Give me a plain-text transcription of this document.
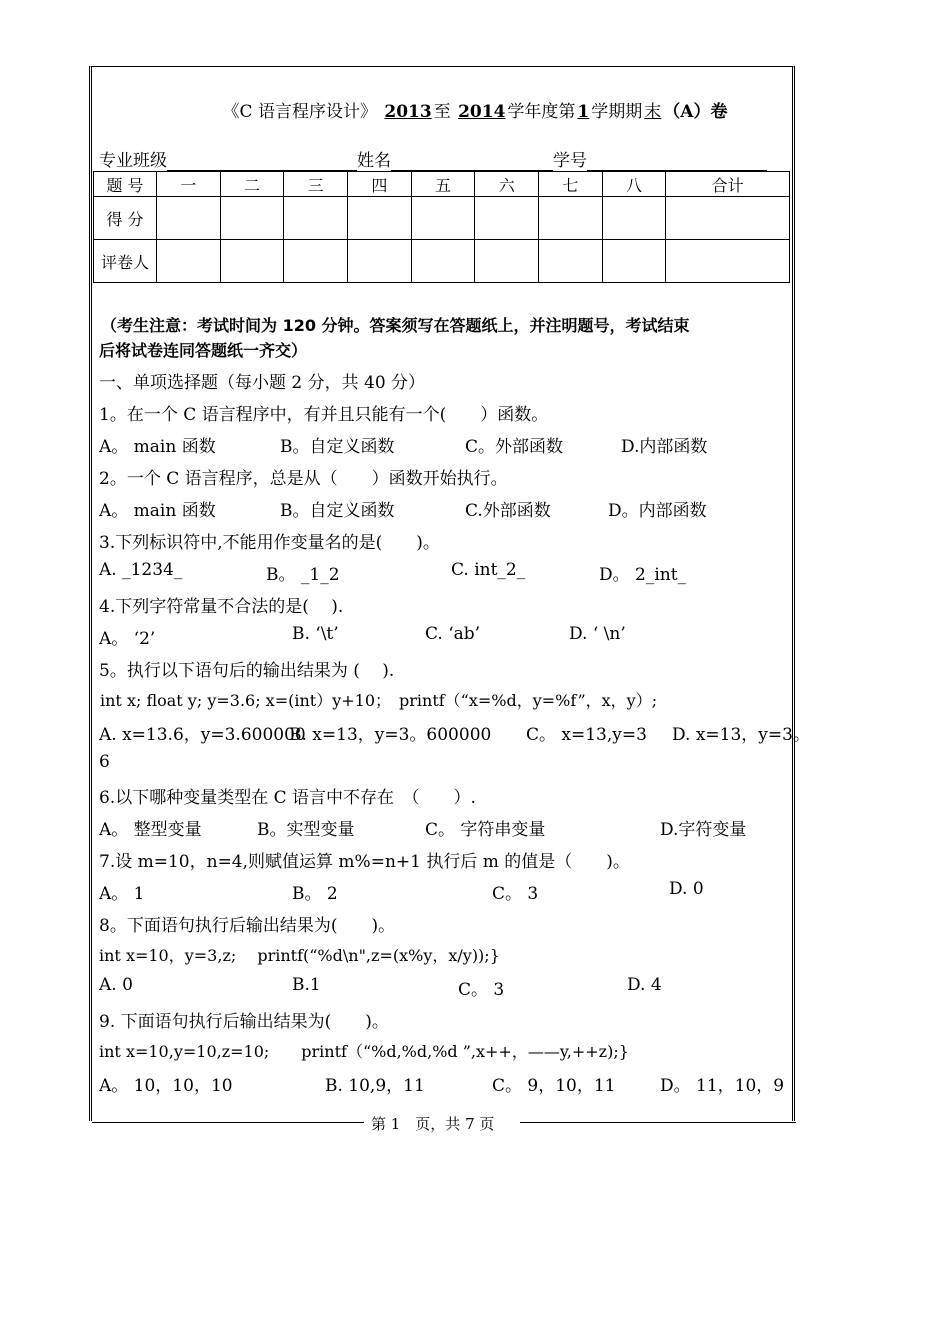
《C 语言程序设计》 2013 至 2014 学年度第 1 学期期 末 （A）卷
专业班级	姓名	学号
题 号	一	二	三	四	五	六	七	八	合计
得 分									
评卷人									
（考生注意：考试时间为 120 分钟。答案须写在答题纸上，并注明题号，考试结束
后将试卷连同答题纸一齐交）
一、单项选择题（每小题 2 分，共 40 分）
1。在一个 C 语言程序中，有并且只能有一个(　　）函数。
A。 main 函数	B。自定义函数	C。外部函数	D.内部函数
2。一个 C 语言程序，总是从（　　）函数开始执行。
A。 main 函数	B。自定义函数	C.外部函数	D。内部函数
3.下列标识符中,不能用作变量名的是(　　)。
A. _1234_	B。 _1_2	C. int_2_	D。 2_int_
4.下列字符常量不合法的是(　 ).
A。 ‘2’	B. ‘\t’	C. ‘ab’	D. ‘ \n’
5。执行以下语句后的输出结果为 (　 ).
int x; float y; y=3.6; x=(int）y+10；　printf（“x=%d，y=%f”，x，y）;
A. x=13.6，y=3.600000
B. x=13，y=3。600000 C。 x=13,y=3 D. x=13，y=3。
6
6.以下哪种变量类型在 C 语言中不存在　（　　）.
A。 整型变量	B。实型变量	C。 字符串变量	D.字符变量
7.设 m=10，n=4,则赋值运算 m%=n+1 执行后 m 的值是（　　)。
A。 1	B。 2	C。 3	D. 0
8。下面语句执行后输出结果为(　　)。
int x=10，y=3,z;　 printf(“%d\n",z=(x%y，x/y));}
A. 0	B.1	C。 3	D. 4
9. 下面语句执行后输出结果为(　　)。
int x=10,y=10,z=10;　　printf（“%d,%d,%d ”,x++，——y,++z);}
A。 10，10，10	B. 10,9，11	C。 9，10，11	D。 11，10，9
第 1　页，共 7 页
